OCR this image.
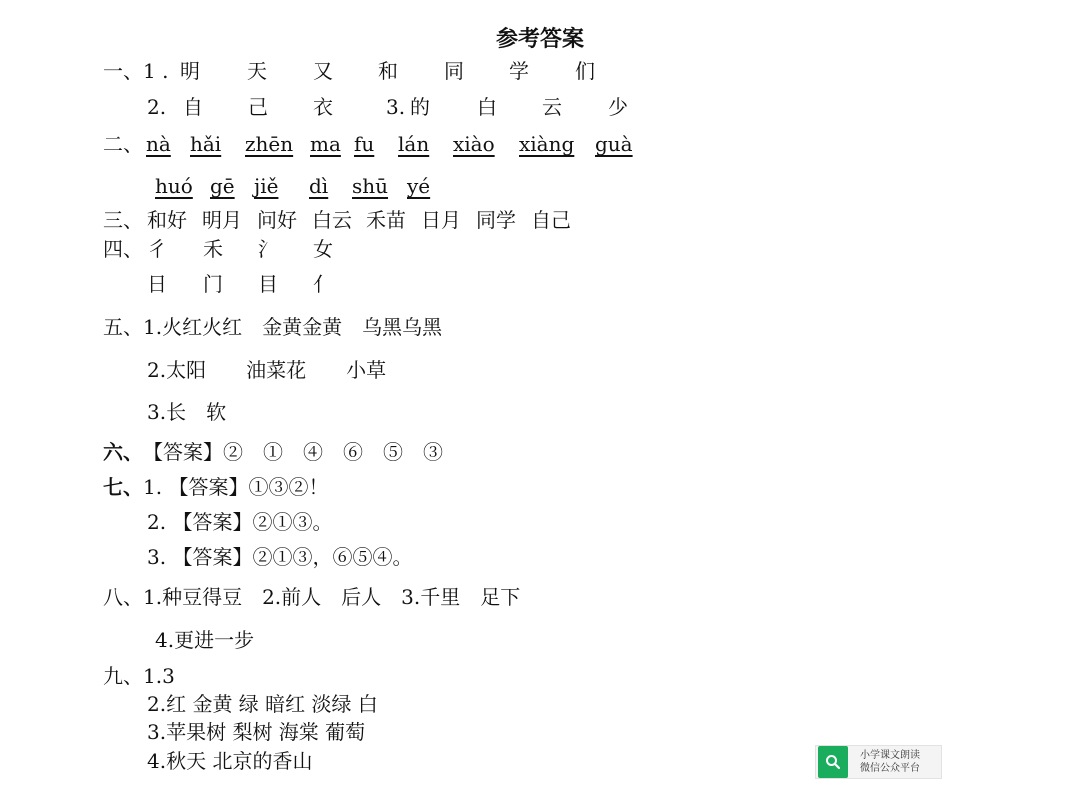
参考答案
一、1 . 明 天 又 和 同 学 们
2. 自 己 衣	3. 的 白 云 少
二、 nà hǎi zhēn ma fu lán xiào xiàng guà
huó gē jiě dì shū yé
三、 和好 明月 问好 白云 禾苗 日月 同学 自己
四、 彳 禾 氵 女
日 门 目 亻
五、1.火红火红　金黄金黄　乌黑乌黑
2.太阳　　油菜花　　小草
3.长　软
六、【答案】②　①　④　⑥　⑤　③
七、1. 【答案】①③②！
2. 【答案】②①③。
3. 【答案】②①③，⑥⑤④。
八、1.种豆得豆　2.前人　后人　3.千里　足下
4.更进一步
九、1.3
2.红 金黄 绿 暗红 淡绿 白
3.苹果树 梨树 海棠 葡萄
4.秋天 北京的香山	小学课文朗读
微信公众平台
